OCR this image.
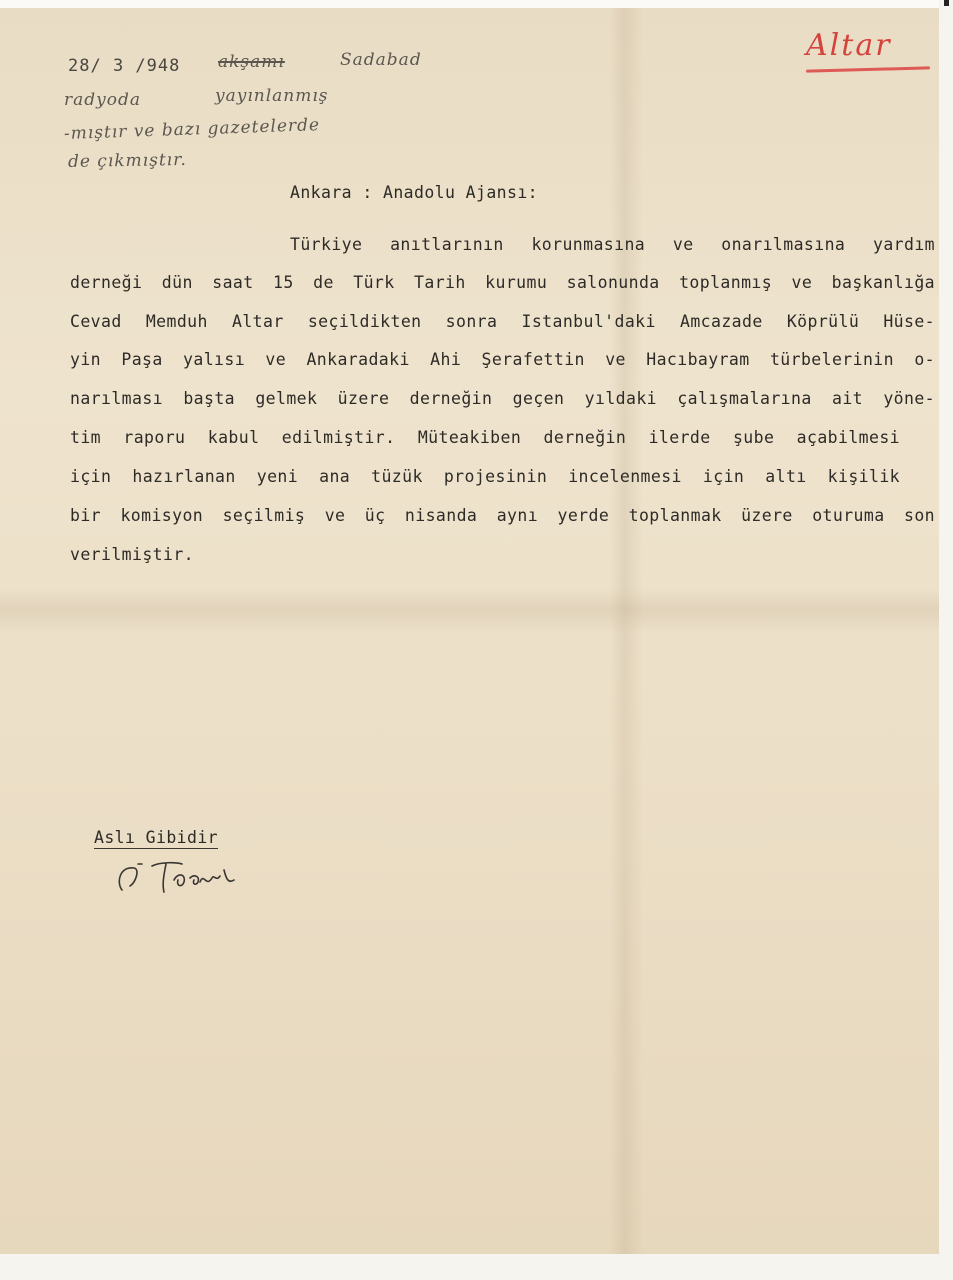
28/ 3 /948 akşamı	Sadabad
radyoda	yayınlanmış
-mıştır ve bazı gazetelerde
de çıkmıştır.
Altar
Ankara : Anadolu Ajansı:
Türkiye anıtlarının korunmasına ve onarılmasına yardım
derneği dün saat 15 de Türk Tarih kurumu salonunda toplanmış ve başkanlığa
Cevad Memduh Altar seçildikten sonra Istanbul'daki Amcazade Köprülü Hüse-
yin Paşa yalısı ve Ankaradaki Ahi Şerafettin ve Hacıbayram türbelerinin o-
narılması başta gelmek üzere derneğin geçen yıldaki çalışmalarına ait yöne-
tim raporu kabul edilmiştir. Müteakiben derneğin ilerde şube açabilmesi
için hazırlanan yeni ana tüzük projesinin incelenmesi için altı kişilik
bir komisyon seçilmiş ve üç nisanda aynı yerde toplanmak üzere oturuma son
verilmiştir.
Aslı Gibidir
